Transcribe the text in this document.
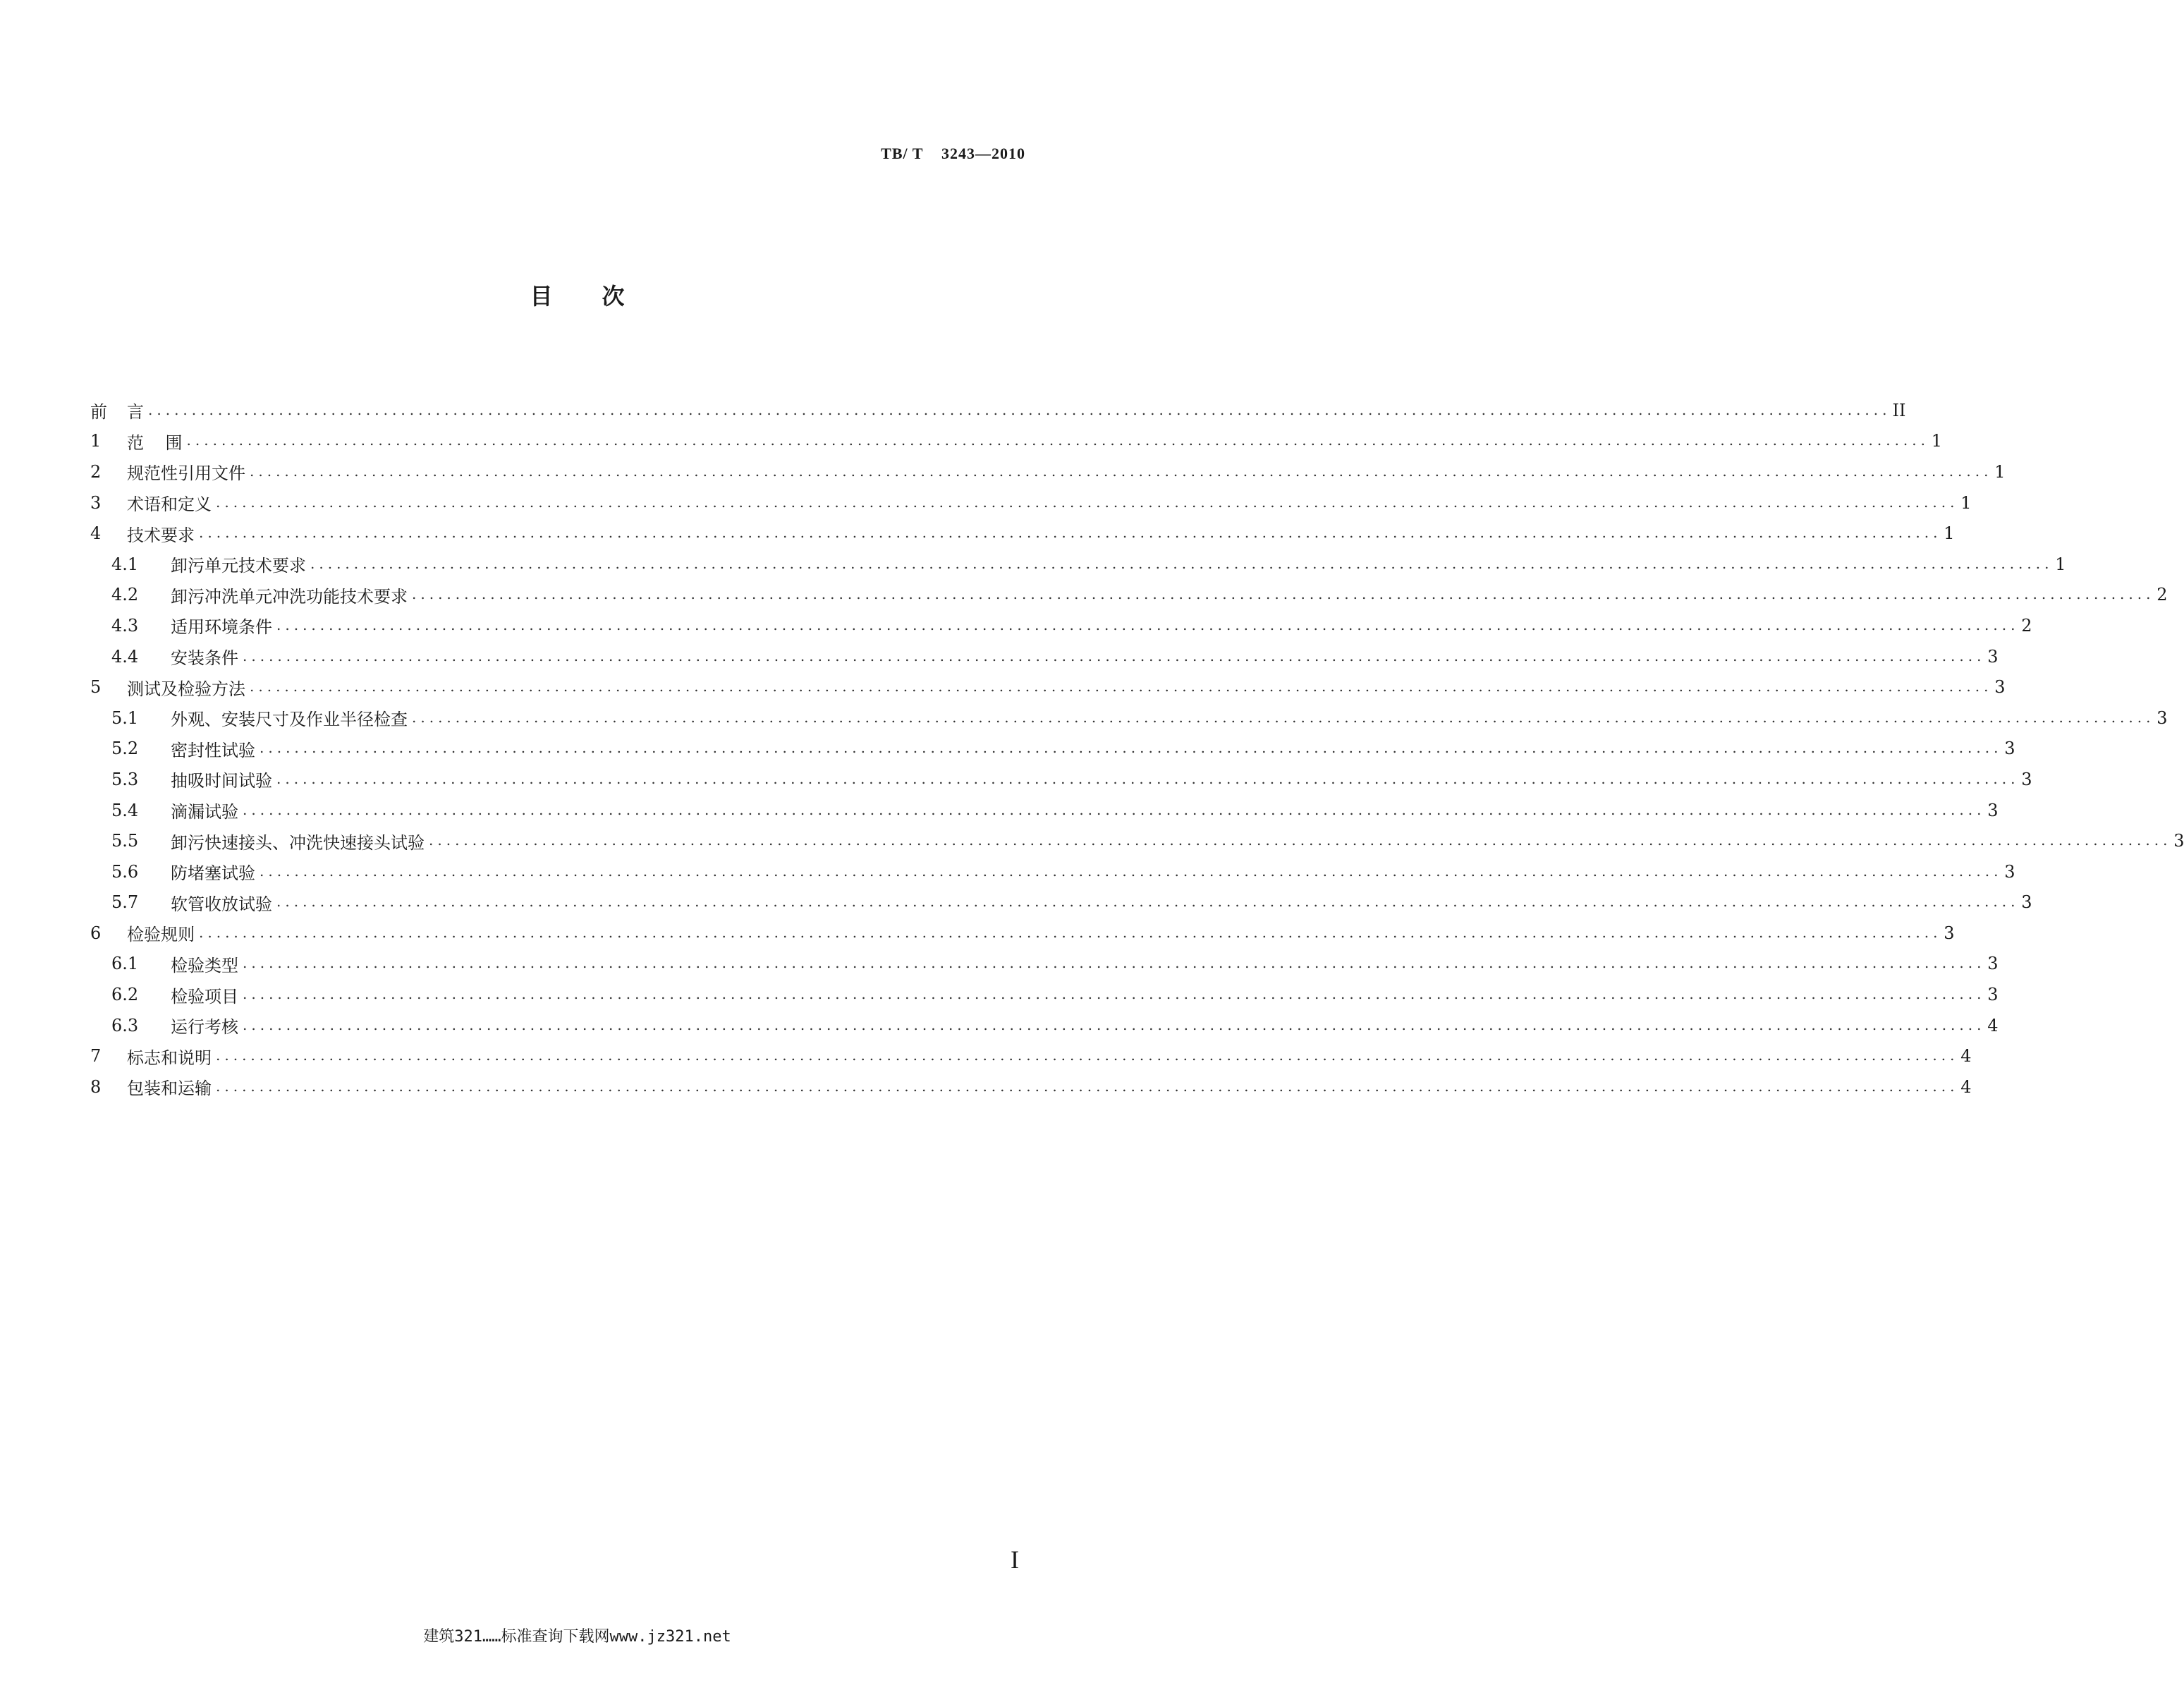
TB/ T    3243—2010
目次
前	言 ........................................................................................................................................................................................................ II
1	范    围 ........................................................................................................................................................................................................ 1
2	规范性引用文件 ........................................................................................................................................................................................................ 1
3	术语和定义 ........................................................................................................................................................................................................ 1
4	技术要求 ........................................................................................................................................................................................................ 1
4.1	卸污单元技术要求 ........................................................................................................................................................................................................ 1
4.2	卸污冲洗单元冲洗功能技术要求 ........................................................................................................................................................................................................ 2
4.3	适用环境条件 ........................................................................................................................................................................................................ 2
4.4	安装条件 ........................................................................................................................................................................................................ 3
5	测试及检验方法 ........................................................................................................................................................................................................ 3
5.1	外观、安装尺寸及作业半径检查 ........................................................................................................................................................................................................ 3
5.2	密封性试验 ........................................................................................................................................................................................................ 3
5.3	抽吸时间试验 ........................................................................................................................................................................................................ 3
5.4	滴漏试验 ........................................................................................................................................................................................................ 3
5.5	卸污快速接头、冲洗快速接头试验 ........................................................................................................................................................................................................ 3
5.6	防堵塞试验 ........................................................................................................................................................................................................ 3
5.7	软管收放试验 ........................................................................................................................................................................................................ 3
6	检验规则 ........................................................................................................................................................................................................ 3
6.1	检验类型 ........................................................................................................................................................................................................ 3
6.2	检验项目 ........................................................................................................................................................................................................ 3
6.3	运行考核 ........................................................................................................................................................................................................ 4
7	标志和说明 ........................................................................................................................................................................................................ 4
8	包装和运输 ........................................................................................................................................................................................................ 4
I
建筑321……标准查询下载网www.jz321.net
